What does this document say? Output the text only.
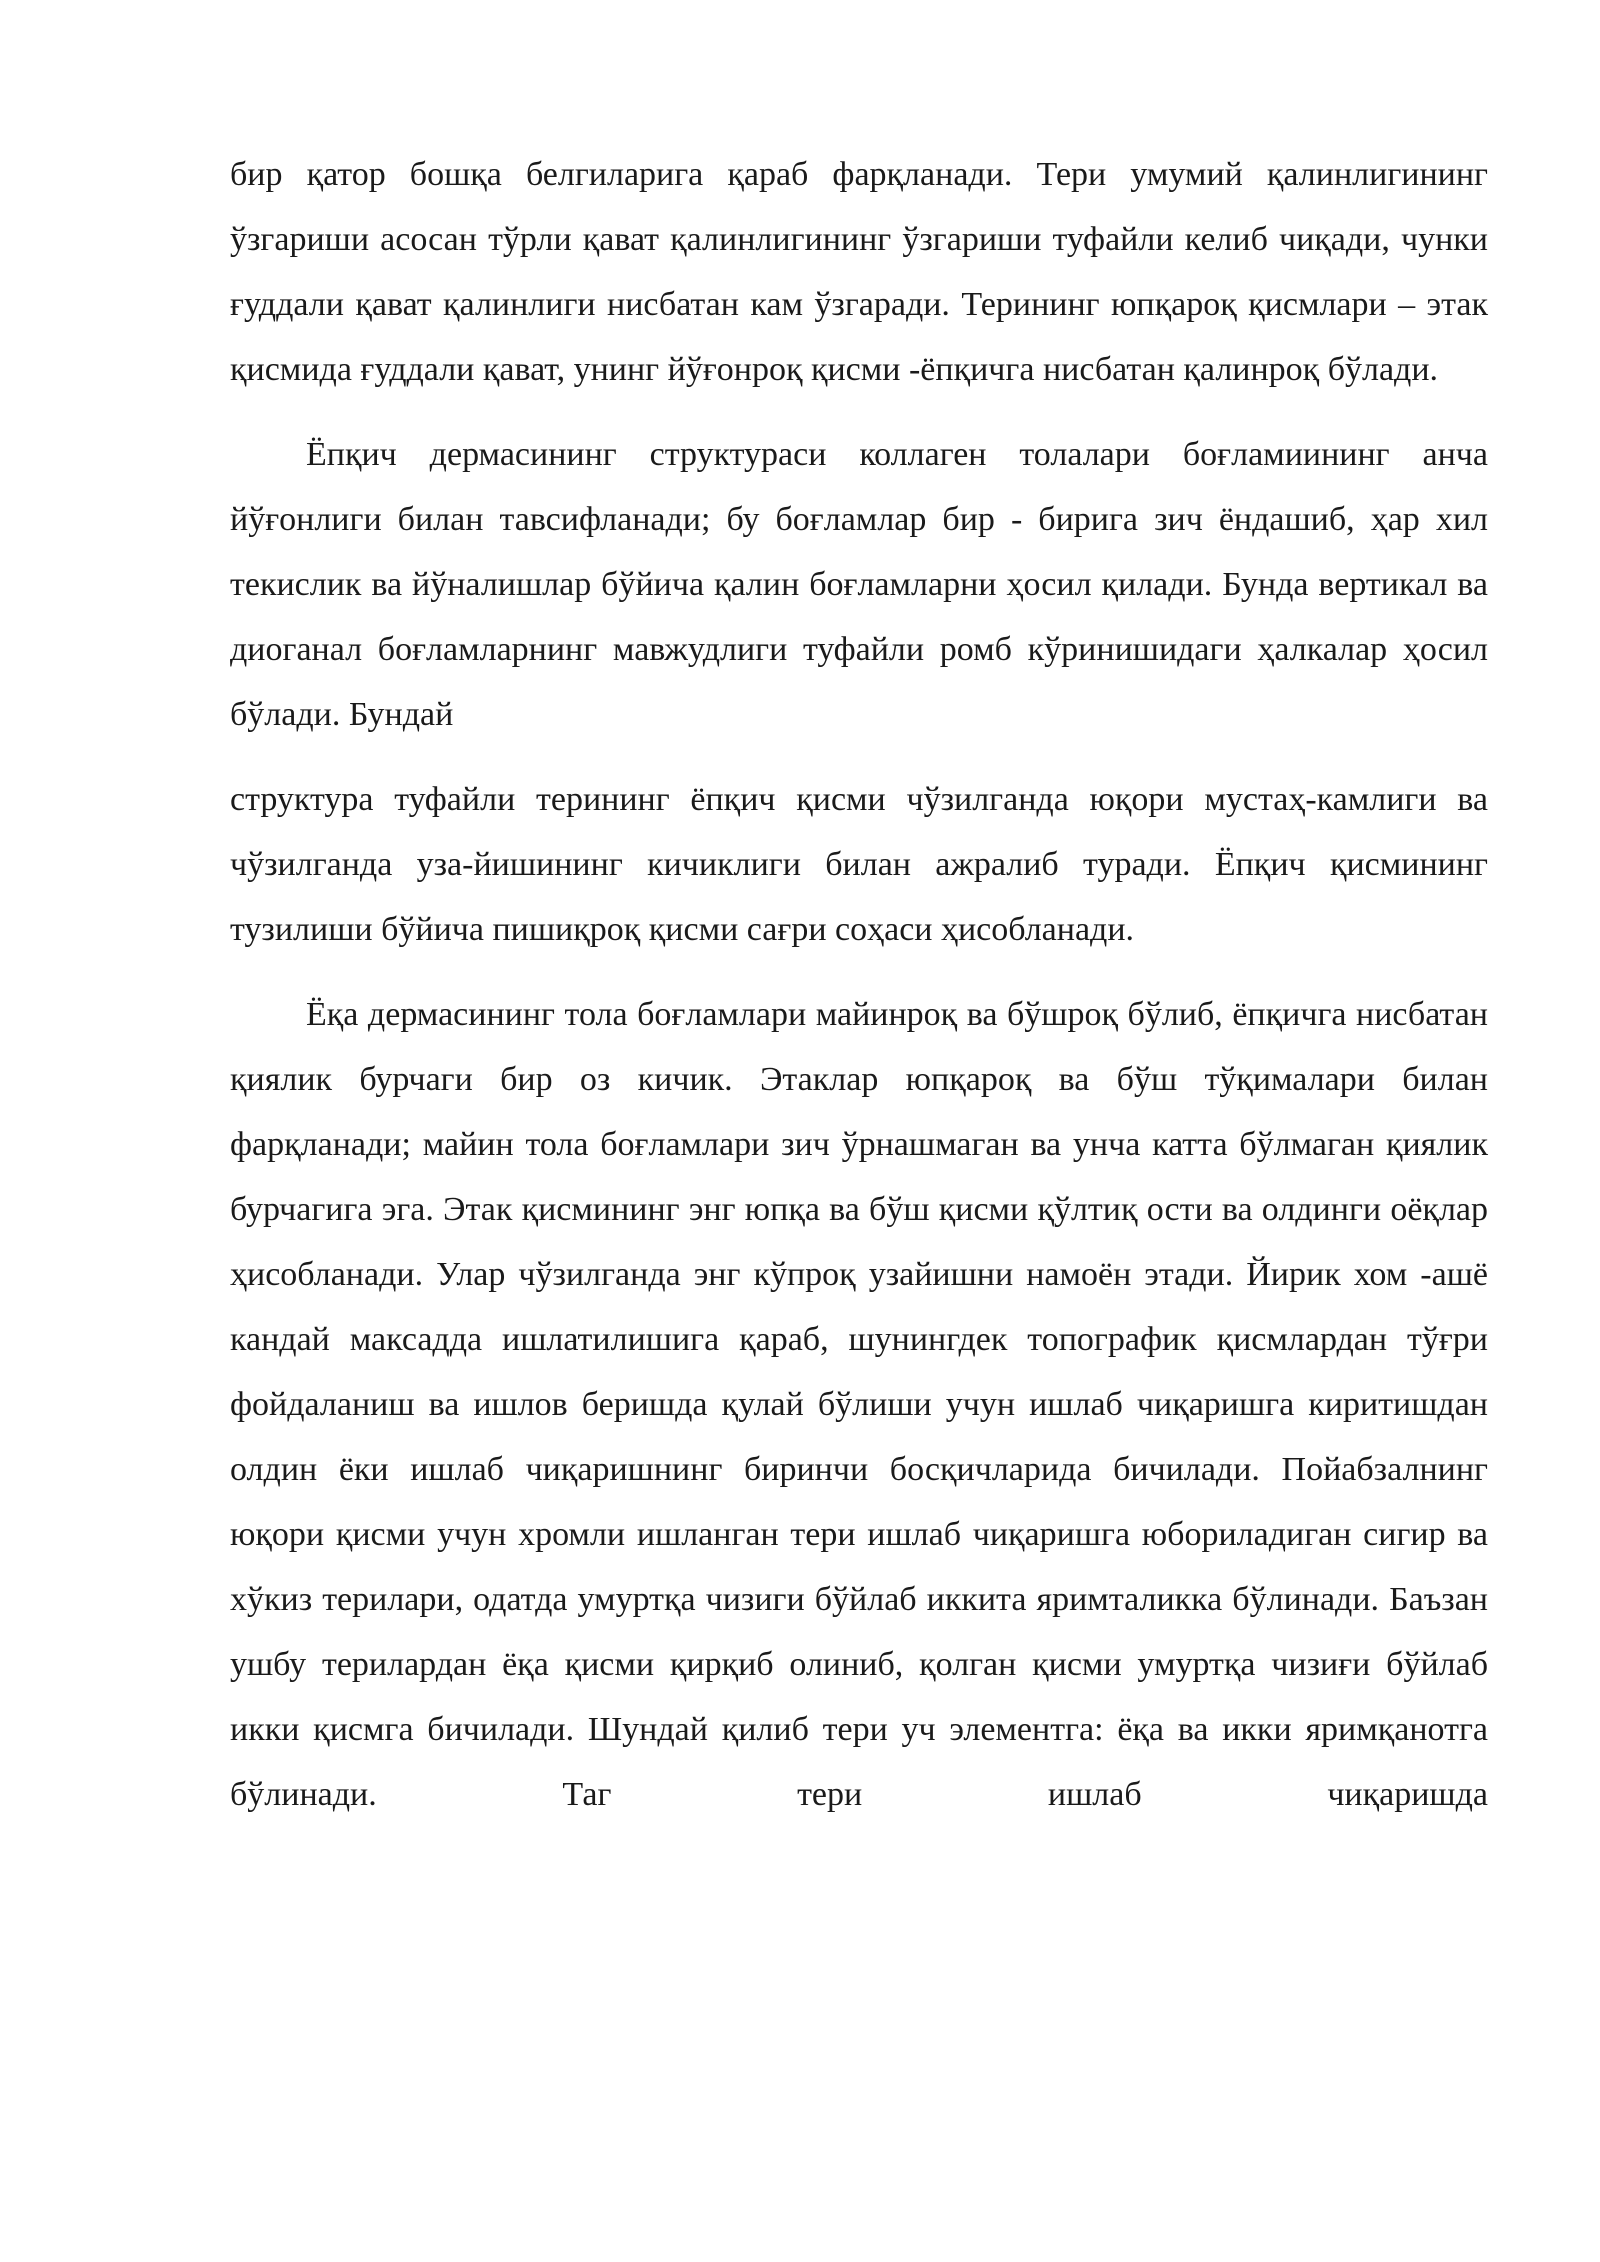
бир қатор бошқа белгиларига қараб фарқланади. Тери умумий қалинлигининг ўзгариши асосан тўрли қават қалинлигининг ўзгариши туфайли келиб чиқади, чунки ғуддали қават қалинлиги нисбатан кам ўзгаради. Терининг юпқароқ қисмлари – этак қисмида ғуддали қават, унинг йўғонроқ қисми -ёпқичга нисбатан қалинроқ бўлади.

Ёпқич дермасининг структураси коллаген толалари боғламиининг анча йўғонлиги билан тавсифланади; бу боғламлар бир - бирига зич ёндашиб, ҳар хил текислик ва йўналишлар бўйича қалин боғламларни ҳосил қилади. Бунда вертикал ва диоганал боғламларнинг мавжудлиги туфайли ромб кўринишидаги ҳалкалар ҳосил бўлади. Бундай

структура туфайли терининг ёпқич қисми чўзилганда юқори мустаҳ-камлиги ва чўзилганда уза-йишининг кичиклиги билан ажралиб туради. Ёпқич қисмининг тузилиши бўйича пишиқроқ қисми сағри соҳаси ҳисобланади.

Ёқа дермасининг тола боғламлари майинроқ ва бўшроқ бўлиб, ёпқичга нисбатан қиялик бурчаги бир оз кичик. Этаклар юпқароқ ва бўш тўқималари билан фарқланади; майин тола боғламлари зич ўрнашмаган ва унча катта бўлмаган қиялик бурчагига эга. Этак қисмининг энг юпқа ва бўш қисми қўлтиқ ости ва олдинги оёқлар ҳисобланади. Улар чўзилганда энг кўпроқ узайишни намоён этади. Йирик хом -ашё кандай максадда ишлатилишига қараб, шунингдек топографик қисмлардан тўғри фойдаланиш ва ишлов беришда қулай бўлиши учун ишлаб чиқаришга киритишдан олдин ёки ишлаб чиқаришнинг биринчи босқичларида бичилади. Пойабзалнинг юқори қисми учун хромли ишланган тери ишлаб чиқаришга юбориладиган сигир ва хўкиз терилари, одатда умуртқа чизиги бўйлаб иккита яримталикка бўлинади. Баъзан ушбу терилардан ёқа қисми қирқиб олиниб, қолган қисми умуртқа чизиғи бўйлаб икки қисмга бичилади. Шундай қилиб тери уч элементга: ёқа ва икки яримқанотга бўлинади. Таг тери ишлаб чиқаришда
